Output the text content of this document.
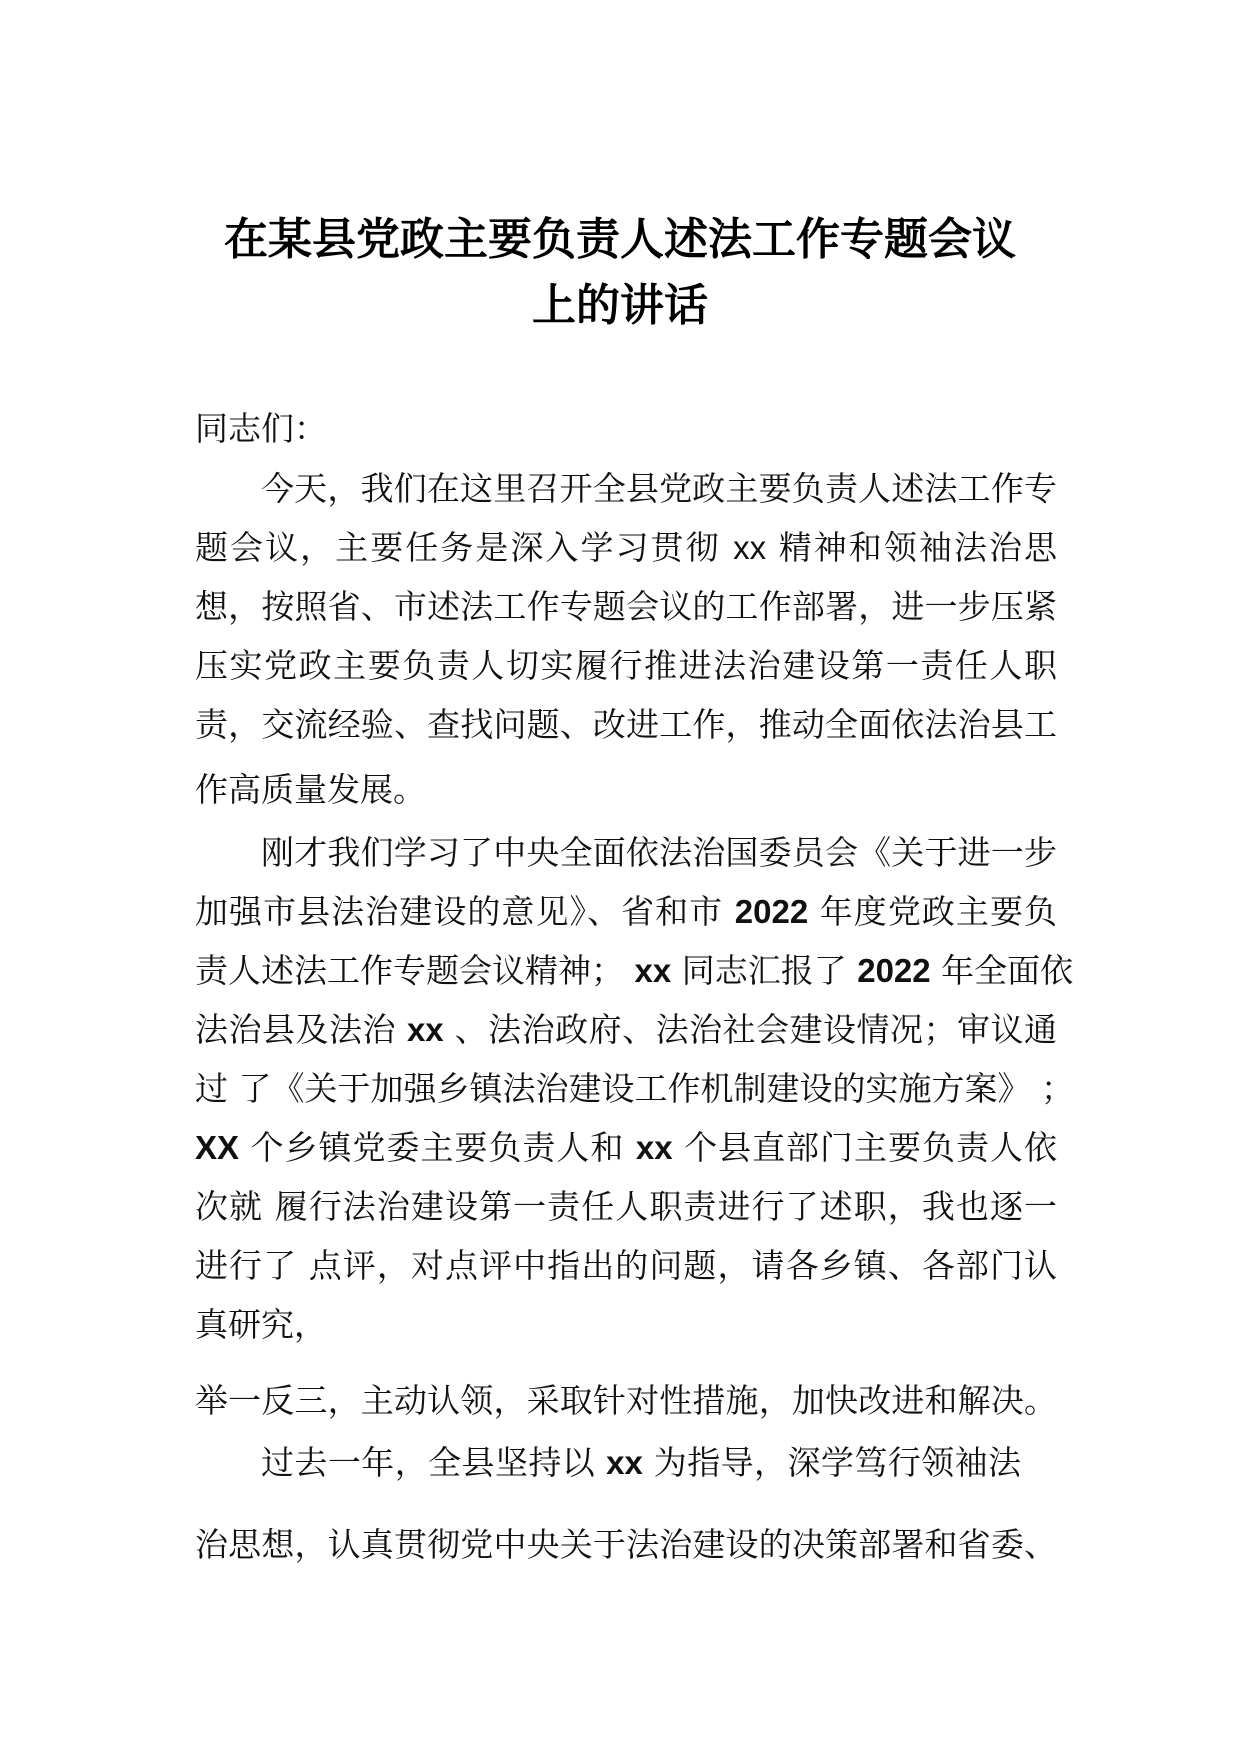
在某县党政主要负责人述法工作专题会议
上的讲话
同志们：
今天，我们在这里召开全县党政主要负责人述法工作专
题会议，主要任务是深入学习贯彻 xx 精神和领袖法治思
想，按照省、市述法工作专题会议的工作部署，进一步压紧
压实党政主要负责人切实履行推进法治建设第一责任人职
责，交流经验、查找问题、改进工作，推动全面依法治县工
作高质量发展。
刚才我们学习了中央全面依法治国委员会《关于进一步
加强市县法治建设的意见》、省和市 2022 年度党政主要负
责人述法工作专题会议精神； xx 同志汇报了 2022 年全面依
法治县及法治 xx 、法治政府、法治社会建设情况；审议通
过 了《关于加强乡镇法治建设工作机制建设的实施方案》 ；
XX 个乡镇党委主要负责人和 xx 个县直部门主要负责人依
次就 履行法治建设第一责任人职责进行了述职，我也逐一
进行了 点评，对点评中指出的问题，请各乡镇、各部门认
真研究，
举一反三，主动认领，采取针对性措施，加快改进和解决。
过去一年，全县坚持以 xx 为指导，深学笃行领袖法
治思想，认真贯彻党中央关于法治建设的决策部署和省委、
